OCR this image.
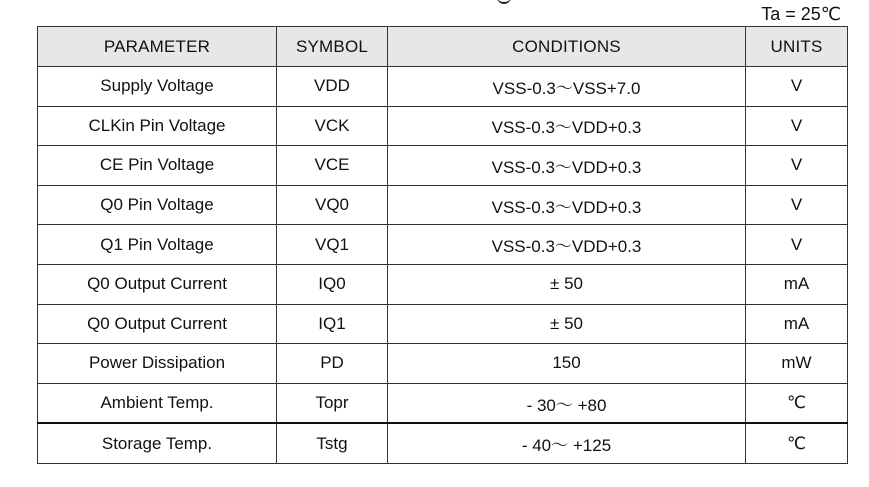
Ta = 25℃
PARAMETER	SYMBOL	CONDITIONS	UNITS
Supply Voltage	VDD	VSS-0.3～VSS+7.0	V
CLKin Pin Voltage	VCK	VSS-0.3～VDD+0.3	V
CE Pin Voltage	VCE	VSS-0.3～VDD+0.3	V
Q0 Pin Voltage	VQ0	VSS-0.3～VDD+0.3	V
Q1 Pin Voltage	VQ1	VSS-0.3～VDD+0.3	V
Q0 Output Current	IQ0	± 50	mA
Q0 Output Current	IQ1	± 50	mA
Power Dissipation	PD	150	mW
Ambient Temp.	Topr	- 30～ +80	℃
Storage Temp.	Tstg	- 40～ +125	℃
